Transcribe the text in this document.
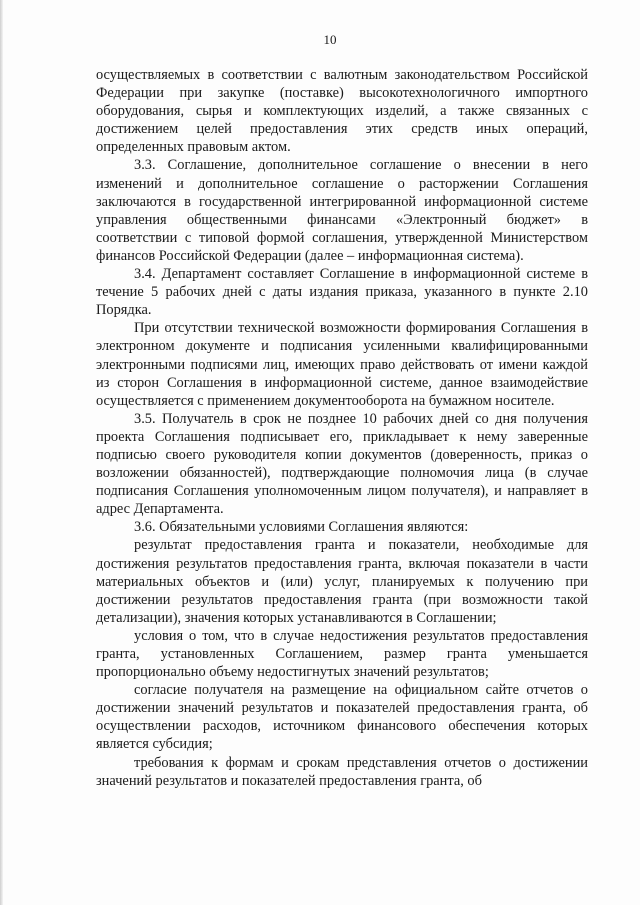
10

осуществляемых в соответствии с валютным законодательством Российской Федерации при закупке (поставке) высокотехнологичного импортного оборудования, сырья и комплектующих изделий, а также связанных с достижением целей предоставления этих средств иных операций, определенных правовым актом.

3.3. Соглашение, дополнительное соглашение о внесении в него изменений и дополнительное соглашение о расторжении Соглашения заключаются в государственной интегрированной информационной системе управления общественными финансами «Электронный бюджет» в соответствии с типовой формой соглашения, утвержденной Министерством финансов Российской Федерации (далее – информационная система).

3.4. Департамент составляет Соглашение в информационной системе в течение 5 рабочих дней с даты издания приказа, указанного в пункте 2.10 Порядка.

При отсутствии технической возможности формирования Соглашения в электронном документе и подписания усиленными квалифицированными электронными подписями лиц, имеющих право действовать от имени каждой из сторон Соглашения в информационной системе, данное взаимодействие осуществляется с применением документооборота на бумажном носителе.

3.5. Получатель в срок не позднее 10 рабочих дней со дня получения проекта Соглашения подписывает его, прикладывает к нему заверенные подписью своего руководителя копии документов (доверенность, приказ о возложении обязанностей), подтверждающие полномочия лица (в случае подписания Соглашения уполномоченным лицом получателя), и направляет в адрес Департамента.

3.6. Обязательными условиями Соглашения являются:

результат предоставления гранта и показатели, необходимые для достижения результатов предоставления гранта, включая показатели в части материальных объектов и (или) услуг, планируемых к получению при достижении результатов предоставления гранта (при возможности такой детализации), значения которых устанавливаются в Соглашении;

условия о том, что в случае недостижения результатов предоставления гранта, установленных Соглашением, размер гранта уменьшается пропорционально объему недостигнутых значений результатов;

согласие получателя на размещение на официальном сайте отчетов о достижении значений результатов и показателей предоставления гранта, об осуществлении расходов, источником финансового обеспечения которых является субсидия;

требования к формам и срокам представления отчетов о достижении значений результатов и показателей предоставления гранта, об
